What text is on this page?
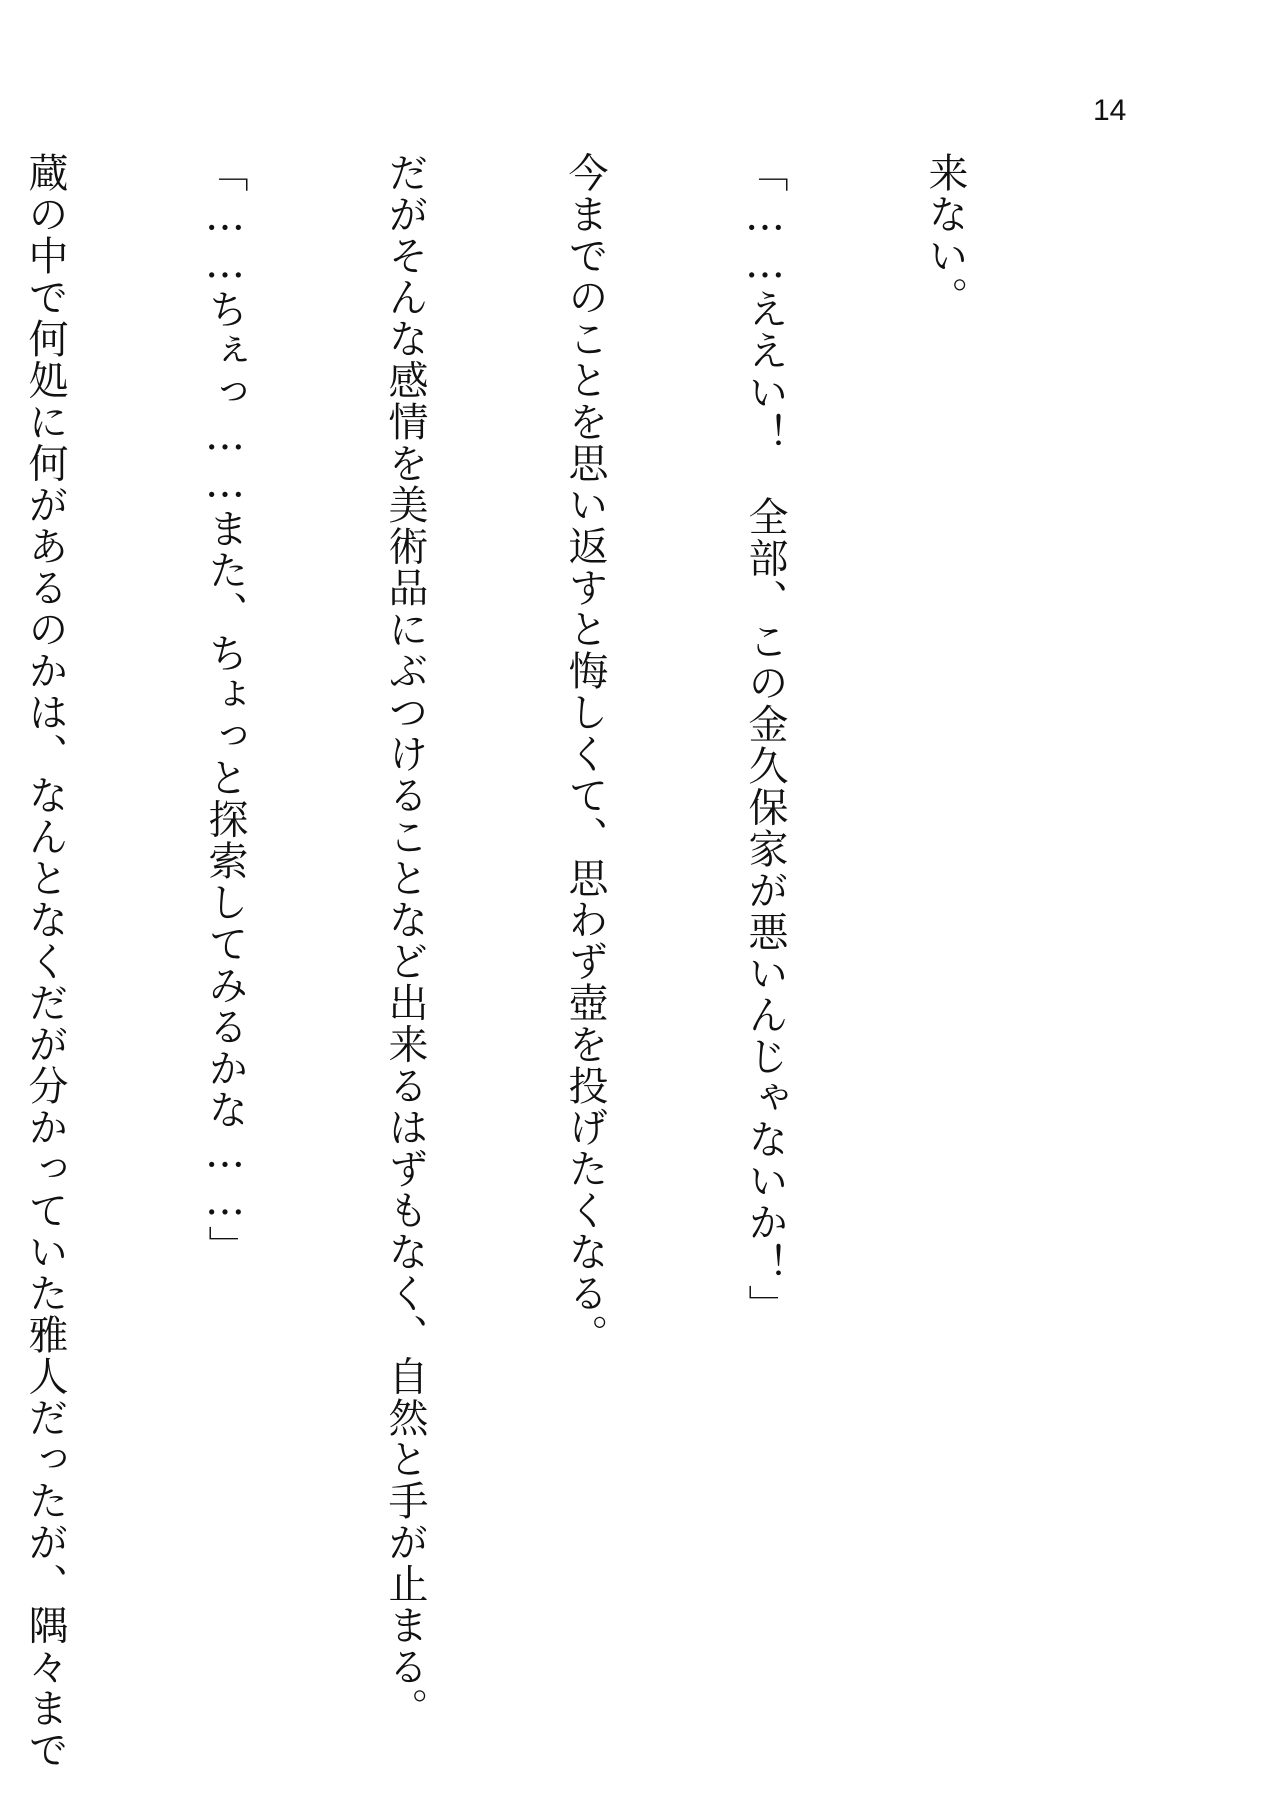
14

来ない。

「……ええい！　全部、この金久保家が悪いんじゃないか！」

今までのことを思い返すと悔しくて、思わず壺を投げたくなる。

だがそんな感情を美術品にぶつけることなど出来るはずもなく、自然と手が止まる。

「……ちぇっ……また、ちょっと探索してみるかな……」

蔵の中で何処に何があるのかは、なんとなくだが分かっていた雅人だったが、隅々まで
